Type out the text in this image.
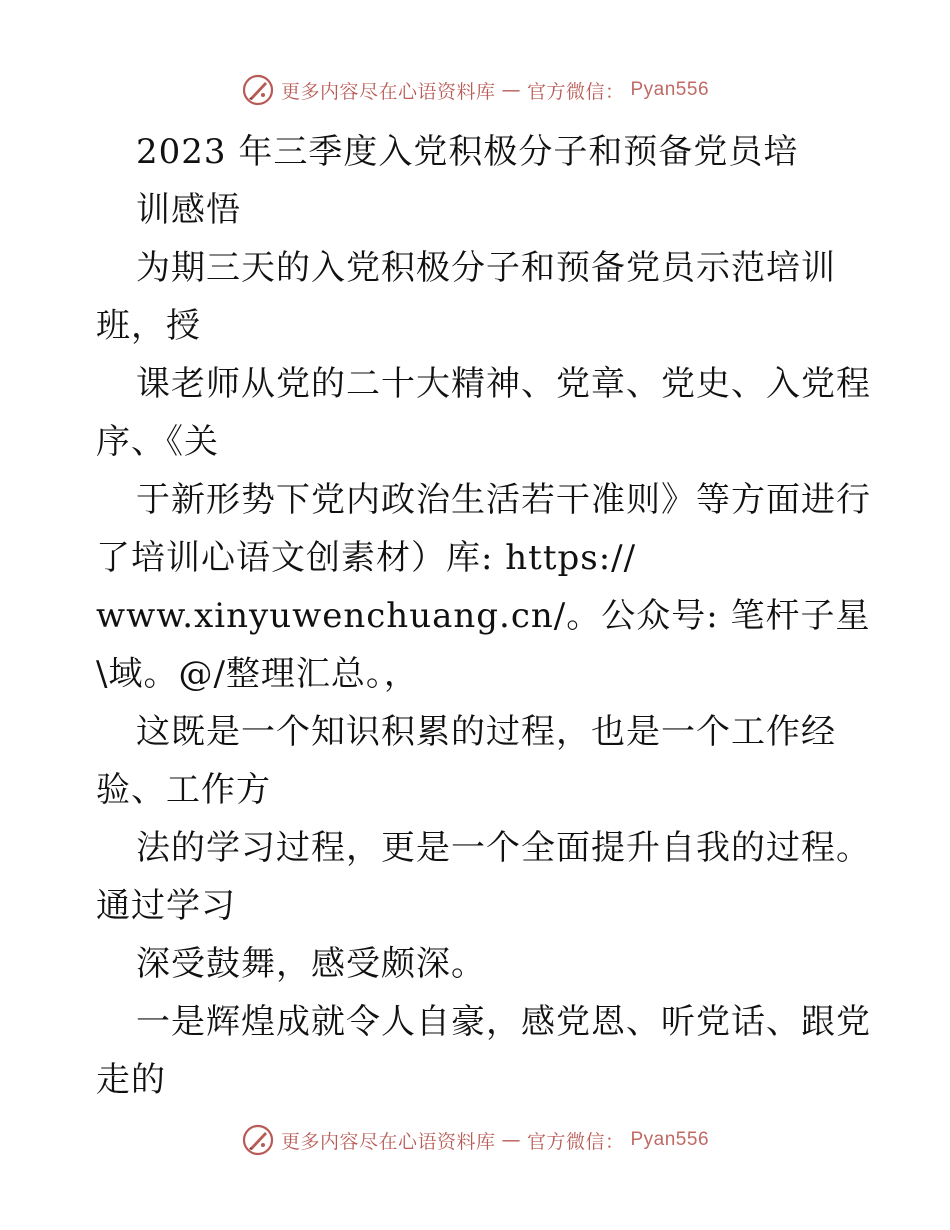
更多内容尽在心语资料库 — 官方微信： Pyan556
2023 年三季度入党积极分子和预备党员培
训感悟
为期三天的入党积极分子和预备党员示范培训
班，授
课老师从党的二十大精神、党章、党史、入党程
序、《关
于新形势下党内政治生活若干准则》等方面进行
了培训心语文创素材）库: https://
www.xinyuwenchuang.cn/。公众号: 笔杆子星
\域。@/整理汇总。，
这既是一个知识积累的过程，也是一个工作经
验、工作方
法的学习过程，更是一个全面提升自我的过程。
通过学习
深受鼓舞，感受颇深。
一是辉煌成就令人自豪，感党恩、听党话、跟党
走的
更多内容尽在心语资料库 — 官方微信： Pyan556
